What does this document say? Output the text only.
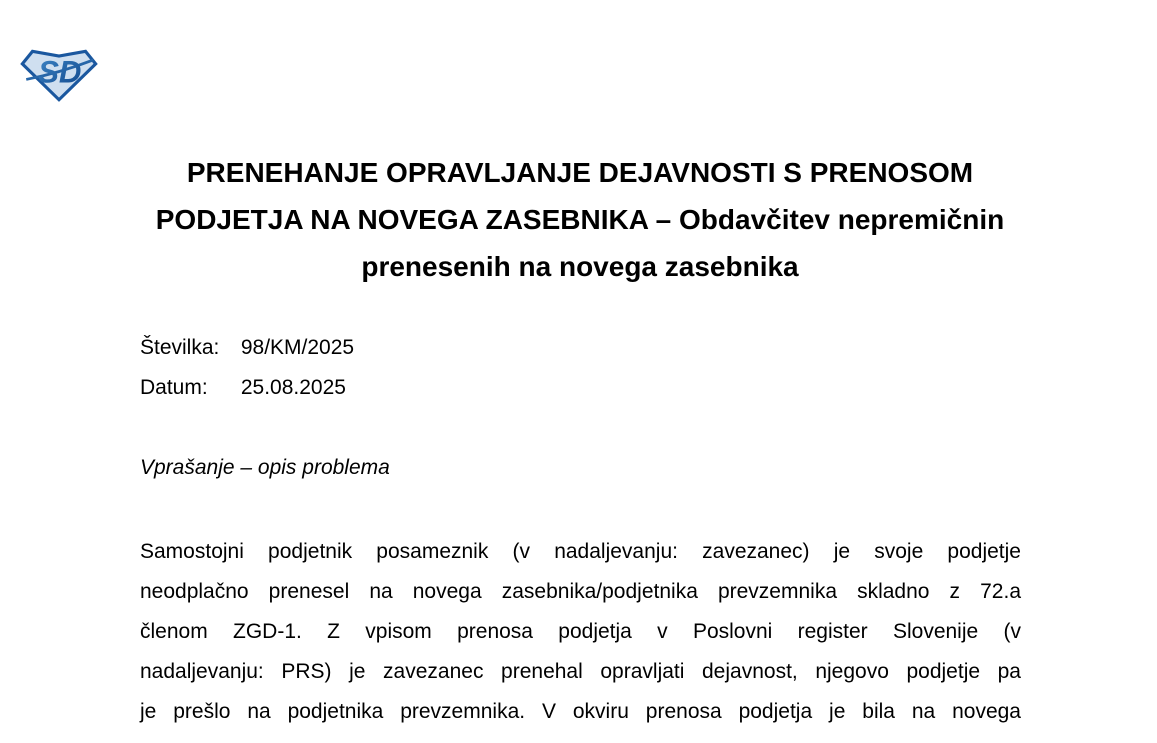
SD
PRENEHANJE OPRAVLJANJE DEJAVNOSTI S PRENOSOM
PODJETJA NA NOVEGA ZASEBNIKA – Obdavčitev nepremičnin
prenesenih na novega zasebnika
Številka: 98/KM/2025
Datum: 25.08.2025
Vprašanje – opis problema
Samostojni podjetnik posameznik (v nadaljevanju: zavezanec) je svoje podjetje
neodplačno prenesel na novega zasebnika/podjetnika prevzemnika skladno z 72.a
členom ZGD-1. Z vpisom prenosa podjetja v Poslovni register Slovenije (v
nadaljevanju: PRS) je zavezanec prenehal opravljati dejavnost, njegovo podjetje pa
je prešlo na podjetnika prevzemnika. V okviru prenosa podjetja je bila na novega
